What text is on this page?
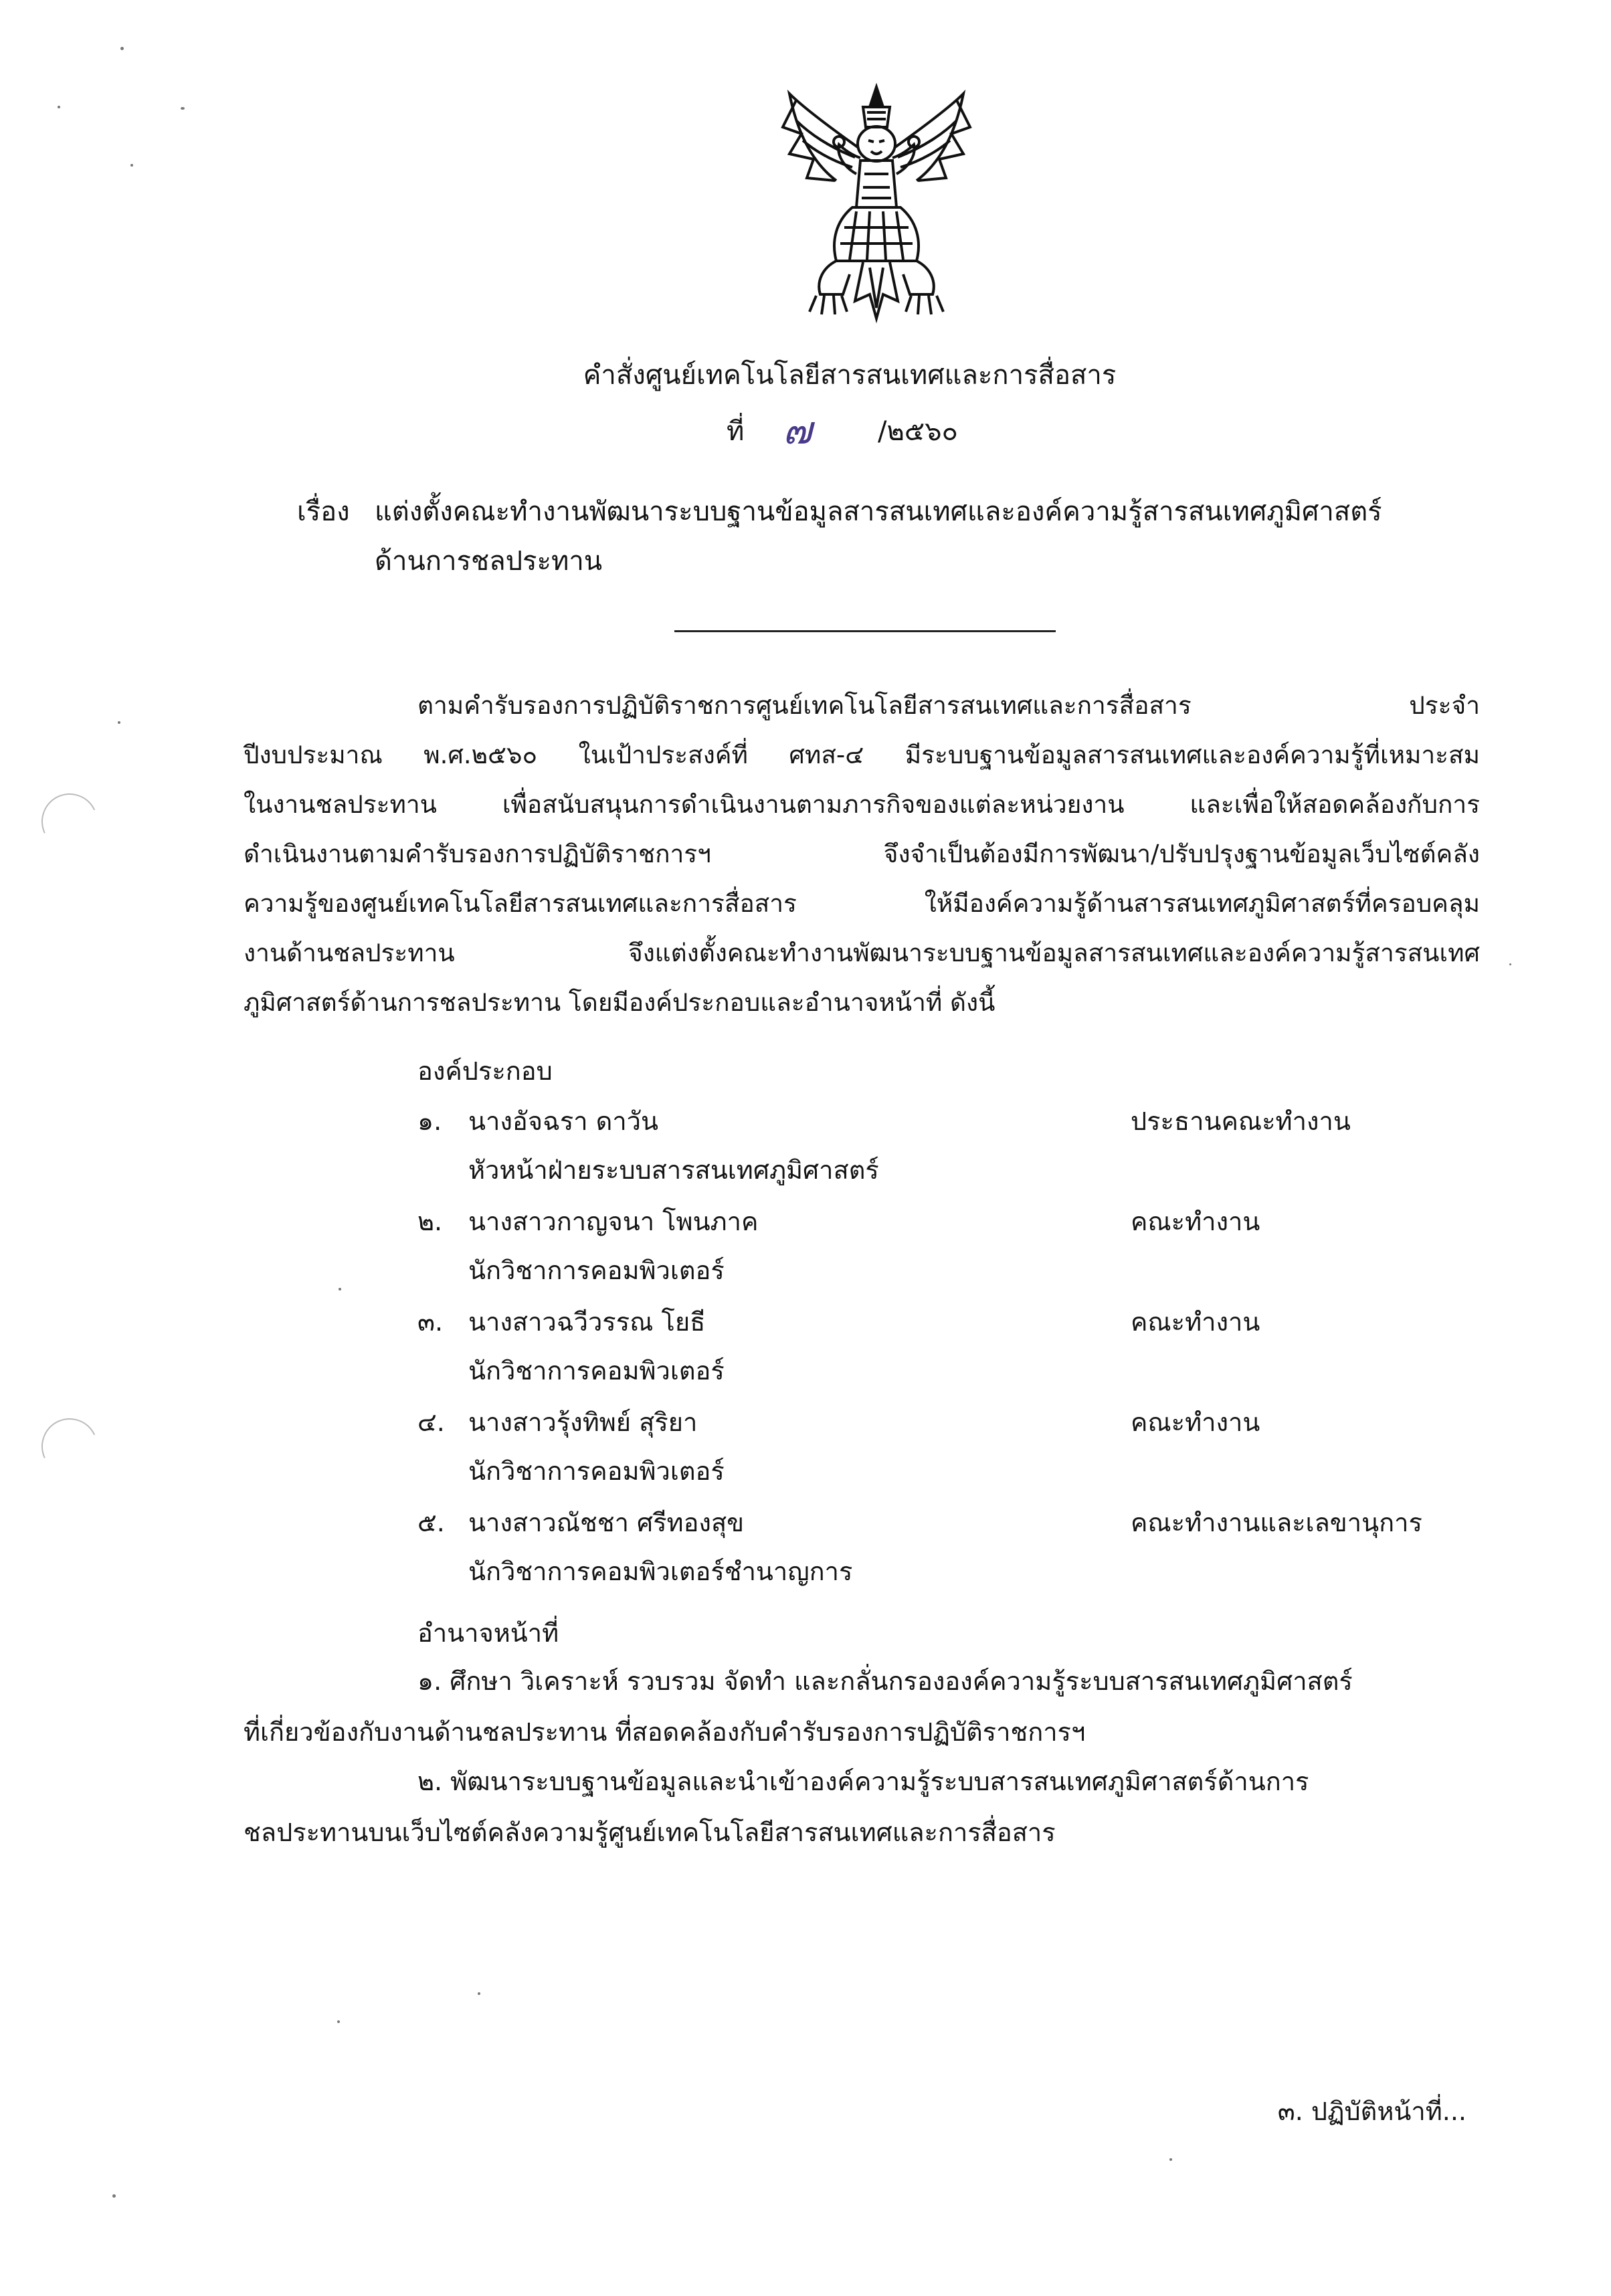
คำสั่งศูนย์เทคโนโลยีสารสนเทศและการสื่อสาร
ที่ ๗ /๒๕๖๐
เรื่อง แต่งตั้งคณะทำงานพัฒนาระบบฐานข้อมูลสารสนเทศและองค์ความรู้สารสนเทศภูมิศาสตร์
ด้านการชลประทาน
ตามคำรับรองการปฏิบัติราชการศูนย์เทคโนโลยีสารสนเทศและการสื่อสาร ประจำ
ปีงบประมาณ พ.ศ.๒๕๖๐ ในเป้าประสงค์ที่ ศทส-๔ มีระบบฐานข้อมูลสารสนเทศและองค์ความรู้ที่เหมาะสม
ในงานชลประทาน เพื่อสนับสนุนการดำเนินงานตามภารกิจของแต่ละหน่วยงาน และเพื่อให้สอดคล้องกับการ
ดำเนินงานตามคำรับรองการปฏิบัติราชการฯ จึงจำเป็นต้องมีการพัฒนา/ปรับปรุงฐานข้อมูลเว็บไซต์คลัง
ความรู้ของศูนย์เทคโนโลยีสารสนเทศและการสื่อสาร ให้มีองค์ความรู้ด้านสารสนเทศภูมิศาสตร์ที่ครอบคลุม
งานด้านชลประทาน จึงแต่งตั้งคณะทำงานพัฒนาระบบฐานข้อมูลสารสนเทศและองค์ความรู้สารสนเทศ
ภูมิศาสตร์ด้านการชลประทาน โดยมีองค์ประกอบและอำนาจหน้าที่ ดังนี้
องค์ประกอบ
๑. นางอัจฉรา ดาวัน	ประธานคณะทำงาน
หัวหน้าฝ่ายระบบสารสนเทศภูมิศาสตร์
๒. นางสาวกาญจนา โพนภาค	คณะทำงาน
นักวิชาการคอมพิวเตอร์
๓. นางสาวฉวีวรรณ โยธี	คณะทำงาน
นักวิชาการคอมพิวเตอร์
๔. นางสาวรุ้งทิพย์ สุริยา	คณะทำงาน
นักวิชาการคอมพิวเตอร์
๕. นางสาวณัชชา ศรีทองสุข	คณะทำงานและเลขานุการ
นักวิชาการคอมพิวเตอร์ชำนาญการ
อำนาจหน้าที่
๑. ศึกษา วิเคราะห์ รวบรวม จัดทำ และกลั่นกรององค์ความรู้ระบบสารสนเทศภูมิศาสตร์
ที่เกี่ยวข้องกับงานด้านชลประทาน ที่สอดคล้องกับคำรับรองการปฏิบัติราชการฯ
๒. พัฒนาระบบฐานข้อมูลและนำเข้าองค์ความรู้ระบบสารสนเทศภูมิศาสตร์ด้านการ
ชลประทานบนเว็บไซต์คลังความรู้ศูนย์เทคโนโลยีสารสนเทศและการสื่อสาร
๓. ปฏิบัติหน้าที่...
